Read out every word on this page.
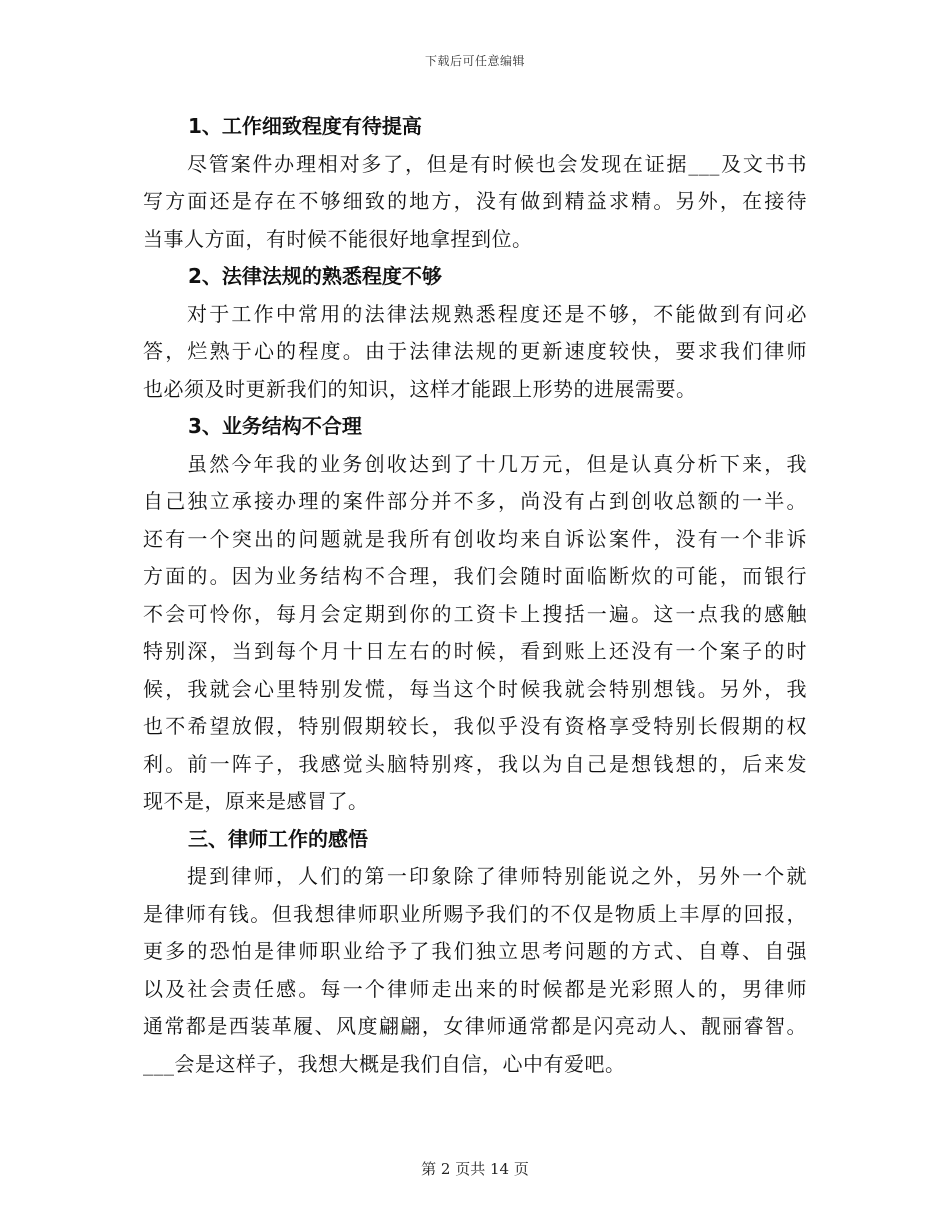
下载后可任意编辑
1、工作细致程度有待提高
尽管案件办理相对多了，但是有时候也会发现在证据___及文书书
写方面还是存在不够细致的地方，没有做到精益求精。另外，在接待
当事人方面，有时候不能很好地拿捏到位。
2、法律法规的熟悉程度不够
对于工作中常用的法律法规熟悉程度还是不够，不能做到有问必
答，烂熟于心的程度。由于法律法规的更新速度较快，要求我们律师
也必须及时更新我们的知识，这样才能跟上形势的进展需要。
3、业务结构不合理
虽然今年我的业务创收达到了十几万元，但是认真分析下来，我
自己独立承接办理的案件部分并不多，尚没有占到创收总额的一半。
还有一个突出的问题就是我所有创收均来自诉讼案件，没有一个非诉
方面的。因为业务结构不合理，我们会随时面临断炊的可能，而银行
不会可怜你，每月会定期到你的工资卡上搜括一遍。这一点我的感触
特别深，当到每个月十日左右的时候，看到账上还没有一个案子的时
候，我就会心里特别发慌，每当这个时候我就会特别想钱。另外，我
也不希望放假，特别假期较长，我似乎没有资格享受特别长假期的权
利。前一阵子，我感觉头脑特别疼，我以为自己是想钱想的，后来发
现不是，原来是感冒了。
三、律师工作的感悟
提到律师，人们的第一印象除了律师特别能说之外，另外一个就
是律师有钱。但我想律师职业所赐予我们的不仅是物质上丰厚的回报，
更多的恐怕是律师职业给予了我们独立思考问题的方式、自尊、自强
以及社会责任感。每一个律师走出来的时候都是光彩照人的，男律师
通常都是西装革履、风度翩翩，女律师通常都是闪亮动人、靓丽睿智。
___会是这样子，我想大概是我们自信，心中有爱吧。
第 2 页共 14 页
